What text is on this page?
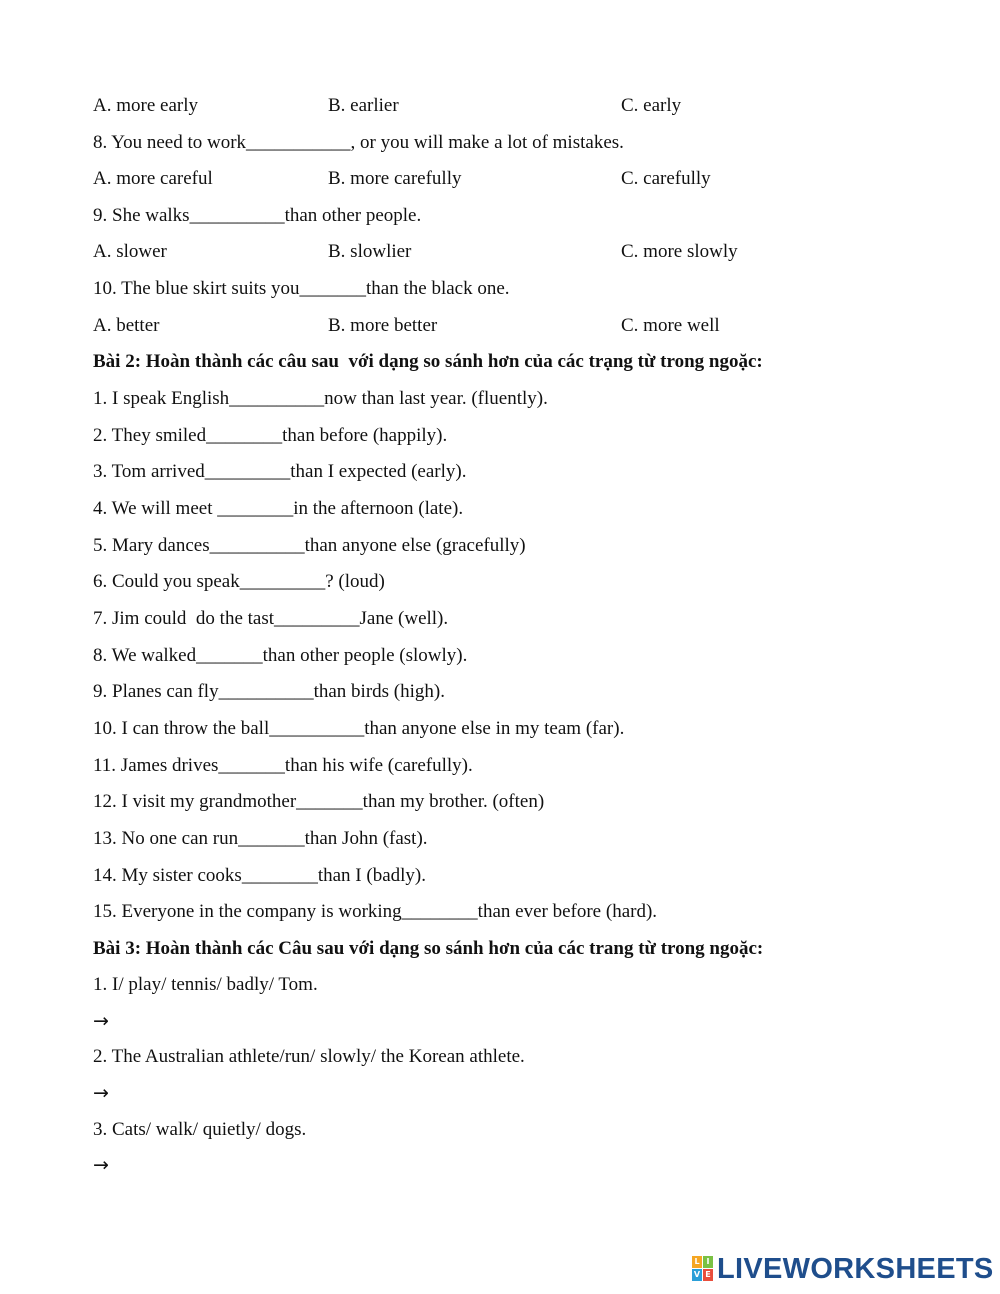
A. more early	B. earlier	C. early
8. You need to work___________, or you will make a lot of mistakes.
A. more careful	B. more carefully	C. carefully
9. She walks__________than other people.
A. slower	B. slowlier	C. more slowly
10. The blue skirt suits you_______than the black one.
A. better	B. more better	C. more well
Bài 2: Hoàn thành các câu sau  với dạng so sánh hơn của các trạng từ trong ngoặc:
1. I speak English__________now than last year. (fluently).
2. They smiled________than before (happily).
3. Tom arrived_________than I expected (early).
4. We will meet ________in the afternoon (late).
5. Mary dances__________than anyone else (gracefully)
6. Could you speak_________? (loud)
7. Jim could  do the tast_________Jane (well).
8. We walked_______than other people (slowly).
9. Planes can fly__________than birds (high).
10. I can throw the ball__________than anyone else in my team (far).
11. James drives_______than his wife (carefully).
12. I visit my grandmother_______than my brother. (often)
13. No one can run_______than John (fast).
14. My sister cooks________than I (badly).
15. Everyone in the company is working________than ever before (hard).
Bài 3: Hoàn thành các Câu sau với dạng so sánh hơn của các trang từ trong ngoặc:
1. I/ play/ tennis/ badly/ Tom.
→
2. The Australian athlete/run/ slowly/ the Korean athlete.
→
3. Cats/ walk/ quietly/ dogs.
→
L I
V E LIVEWORKSHEETS
